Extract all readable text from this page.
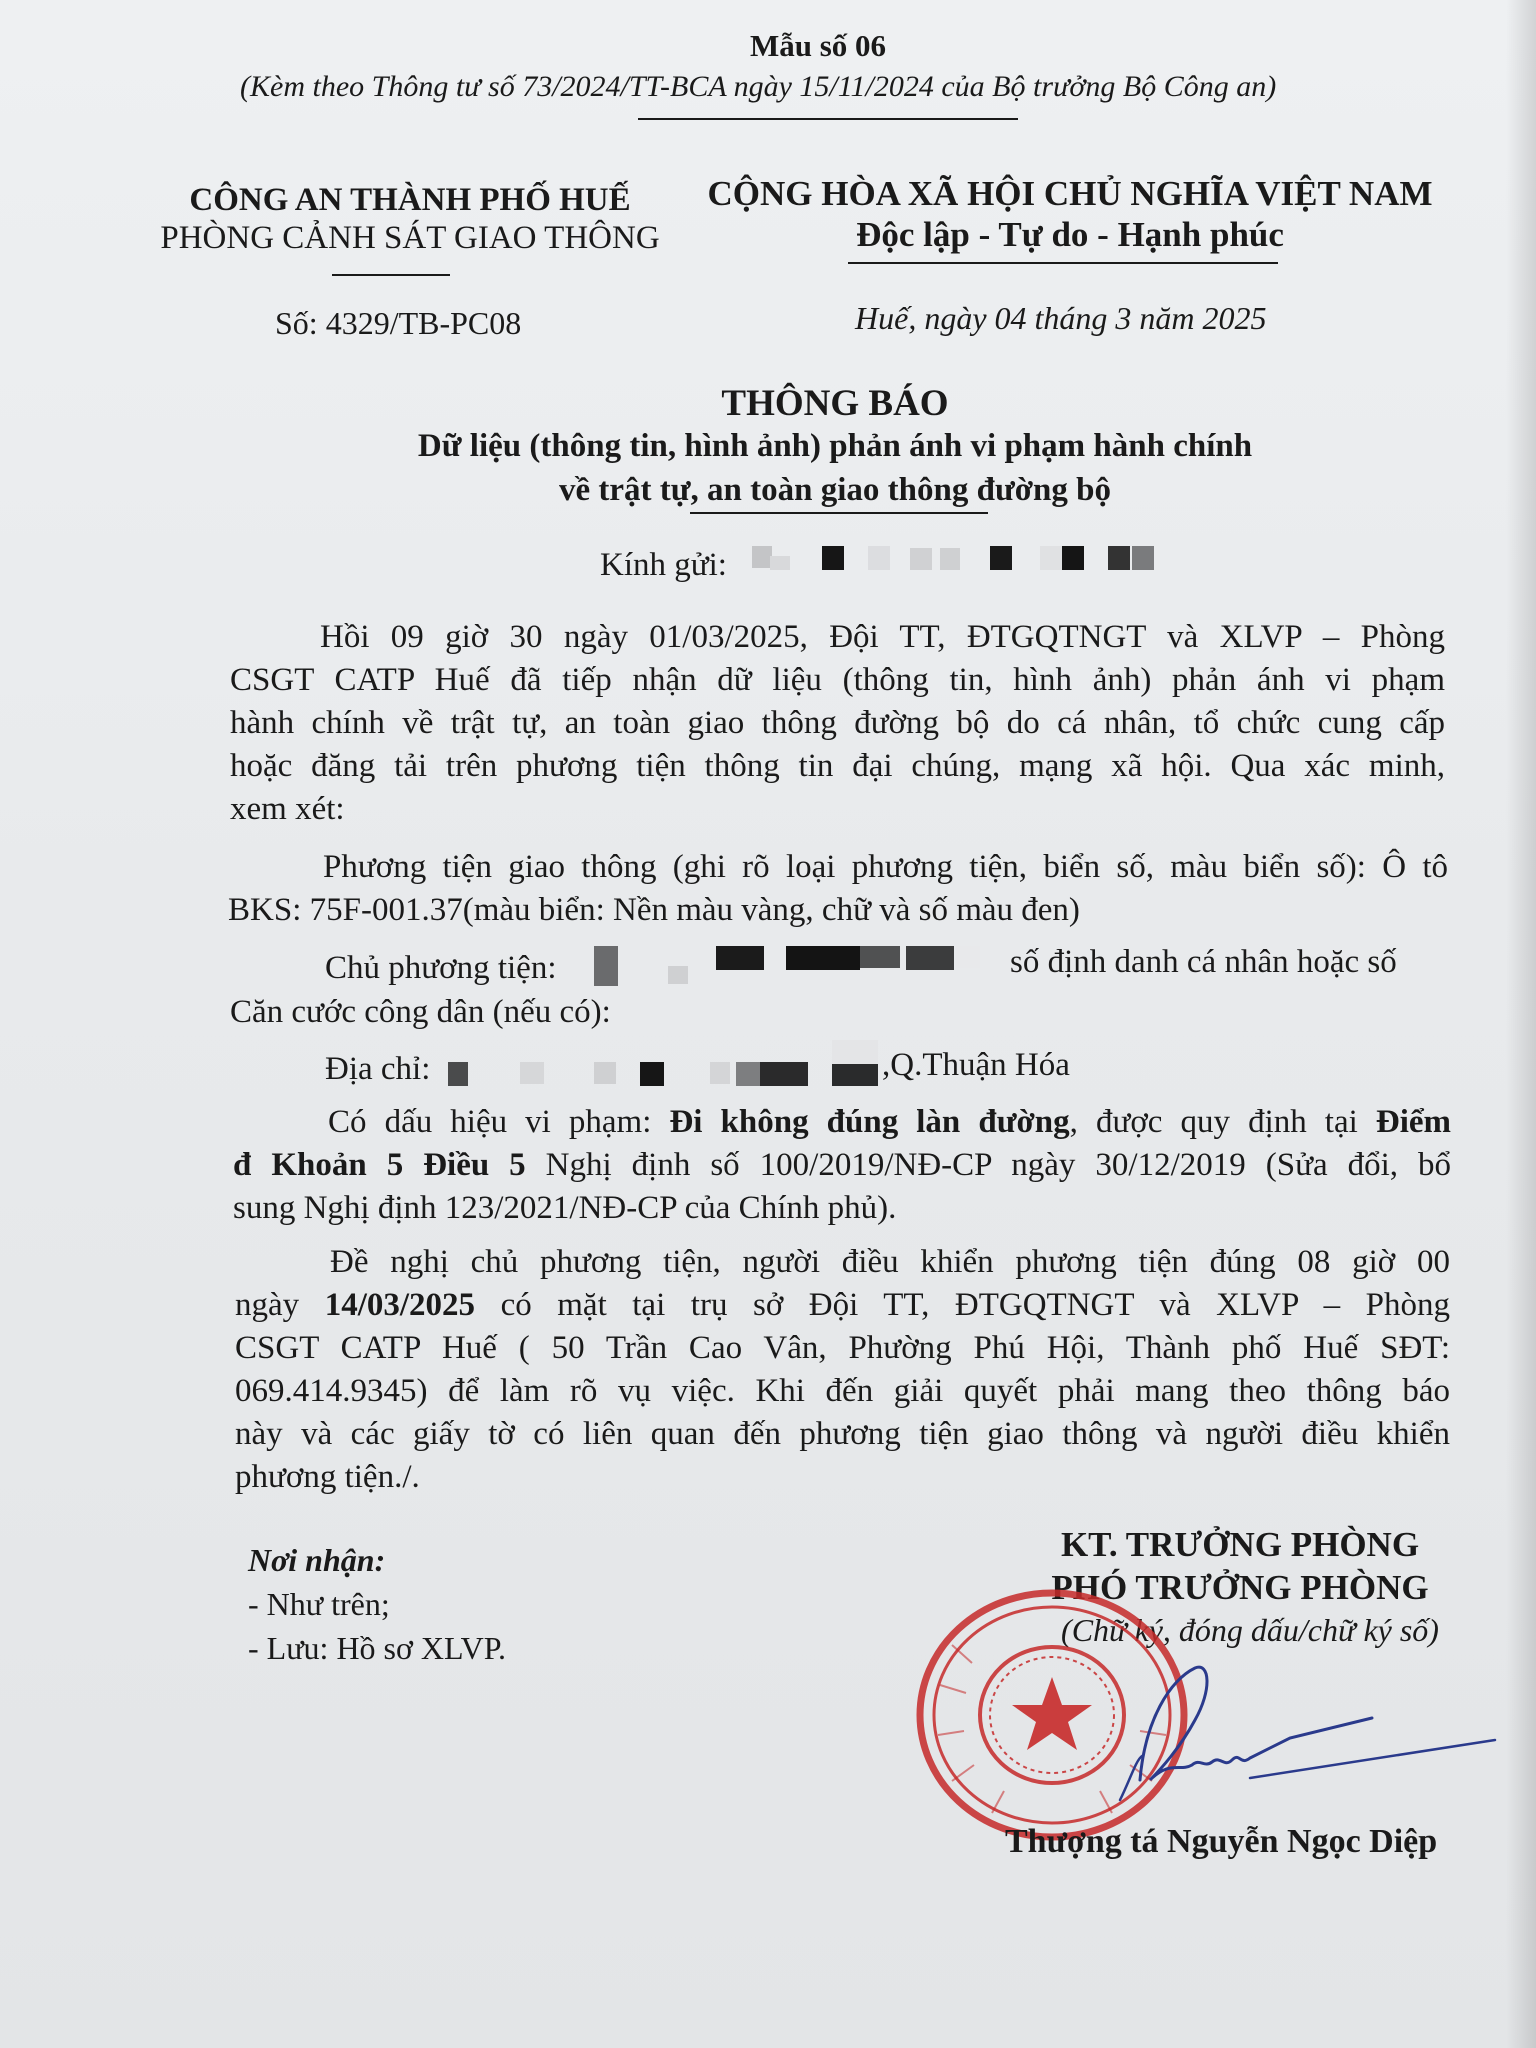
Mẫu số 06
(Kèm theo Thông tư số 73/2024/TT-BCA ngày 15/11/2024 của Bộ trưởng Bộ Công an)
CÔNG AN THÀNH PHỐ HUẾ
PHÒNG CẢNH SÁT GIAO THÔNG
CỘNG HÒA XÃ HỘI CHỦ NGHĨA VIỆT NAM
Độc lập - Tự do - Hạnh phúc
Số: 4329/TB-PC08	Huế, ngày 04 tháng 3 năm 2025
THÔNG BÁO
Dữ liệu (thông tin, hình ảnh) phản ánh vi phạm hành chính
về trật tự, an toàn giao thông đường bộ
Kính gửi:
Hồi 09 giờ 30 ngày 01/03/2025, Đội TT, ĐTGQTNGT và XLVP – Phòng
CSGT CATP Huế đã tiếp nhận dữ liệu (thông tin, hình ảnh) phản ánh vi phạm
hành chính về trật tự, an toàn giao thông đường bộ do cá nhân, tổ chức cung cấp
hoặc đăng tải trên phương tiện thông tin đại chúng, mạng xã hội. Qua xác minh,
xem xét:
Phương tiện giao thông (ghi rõ loại phương tiện, biển số, màu biển số): Ô tô
BKS: 75F-001.37(màu biển: Nền màu vàng, chữ và số màu đen)
Chủ phương tiện:	số định danh cá nhân hoặc số
Căn cước công dân (nếu có):
Địa chỉ:	,Q.Thuận Hóa
Có dấu hiệu vi phạm: Đi không đúng làn đường, được quy định tại Điểm
đ Khoản 5 Điều 5 Nghị định số 100/2019/NĐ-CP ngày 30/12/2019 (Sửa đổi, bổ
sung Nghị định 123/2021/NĐ-CP của Chính phủ).
Đề nghị chủ phương tiện, người điều khiển phương tiện đúng 08 giờ 00
ngày 14/03/2025 có mặt tại trụ sở Đội TT, ĐTGQTNGT và XLVP – Phòng
CSGT CATP Huế ( 50 Trần Cao Vân, Phường Phú Hội, Thành phố Huế SĐT:
069.414.9345) để làm rõ vụ việc. Khi đến giải quyết phải mang theo thông báo
này và các giấy tờ có liên quan đến phương tiện giao thông và người điều khiển
phương tiện./.
Nơi nhận:
- Như trên;
- Lưu: Hồ sơ XLVP.
KT. TRƯỞNG PHÒNG
PHÓ TRƯỞNG PHÒNG
(Chữ ký, đóng dấu/chữ ký số)
Thượng tá Nguyễn Ngọc Diệp
